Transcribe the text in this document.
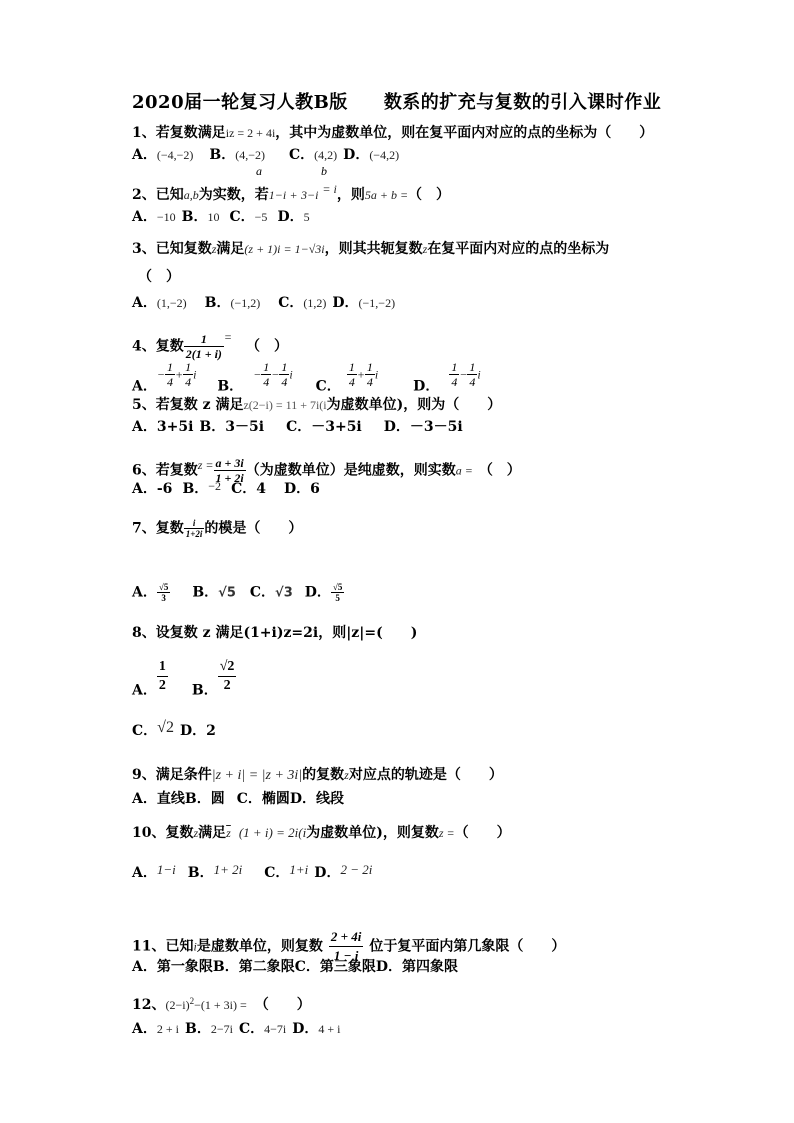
2020届一轮复习人教B版 数系的扩充与复数的引入课时作业
1、若复数满足iz = 2 + 4i，其中为虚数单位，则在复平面内对应的点的坐标为（　　）
A．(−4,−2) B．(4,−2) C．(4,2) D．(−4,2)
a	b
2、已知a,b为实数，若1−i + 3−i = i，则5a + b =（　）
A．−10 B．10 C．−5 D．5
3、已知复数z满足(z + 1)i = 1−√3i，则其共轭复数z在复平面内对应的点的坐标为
（　）
A．(1,−2) B．(−1,2) C．(1,2) D．(−1,−2)
4、复数 $\frac{1}{2(1 + i)}$ =（　）
A．− $\frac{1}{4} + \frac{1}{4}$ i  B．− $\frac{1}{4} - \frac{1}{4}$ i  C． $\frac{1}{4} + \frac{1}{4}$ i  D． $\frac{1}{4} - \frac{1}{4}$ i
5、若复数 z 满足z(2−i) = 11 + 7i(i为虚数单位)，则为（　　）
A．3+5i B．3－5i C．－3+5i D．－3－5i
6、若复数$z = \frac{a + 3i}{1 + 2i}$ （为虚数单位）是纯虚数，则实数a = （　）
A．-6 B．−2 C．4 D．6
7、复数 $\frac{i}{1+2i}$ 的模是（　　）
A． $\frac{√5}{3}$ B．√5 C．√3 D． $\frac{√5}{5}$
8、设复数 z 满足(1+i)z=2i，则|z|=(　　)
A． $\frac{1}{2}$ B． $\frac{√2}{2}$
C．√2 D．2
9、满足条件|z + i| = |z + 3i|的复数z对应点的轨迹是（　　）
A．直线B．圆 C．椭圆D．线段
10、复数z满足$\overline{z}$ (1 + i) = 2i(i为虚数单位)，则复数z =（　　）
A．1−i B．1+ 2i C．1+i D．2 − 2i
11、已知i是虚数单位，则复数 $\frac{2 + 4i}{1 - i}$ 位于复平面内第几象限（　　）
A．第一象限B．第二象限C．第三象限D．第四象限
12、$(2-i)^2-(1 + 3i)$ = （　　）
A．2 + i B．2−7i C．4−7i D．4 + i
